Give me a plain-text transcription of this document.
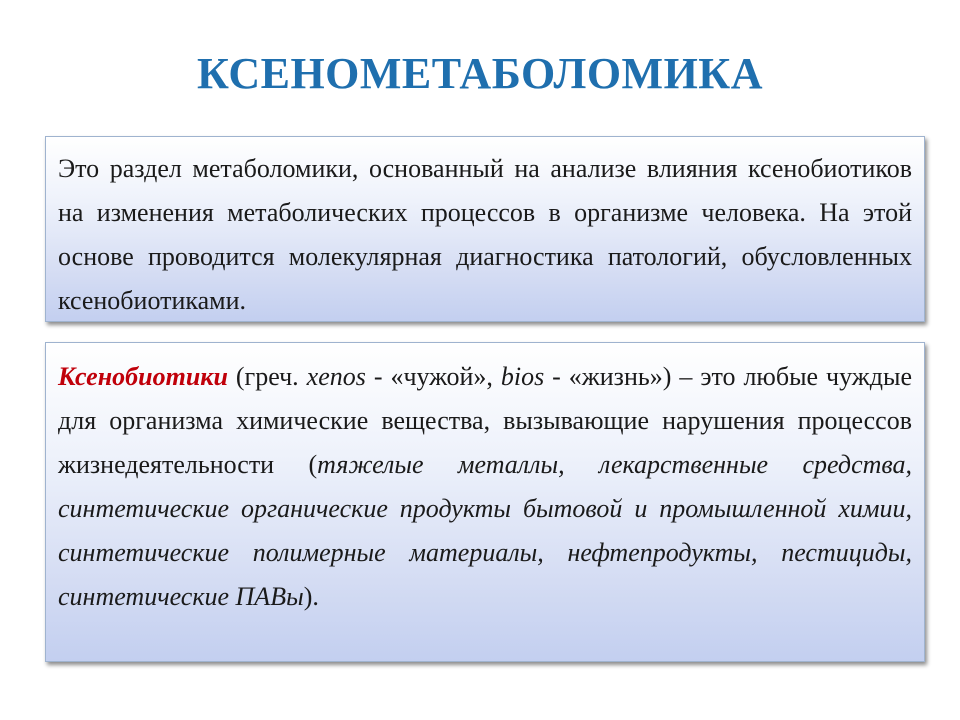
КСЕНОМЕТАБОЛОМИКА
Это раздел метаболомики, основанный на анализе влияния ксенобиотиков на изменения метаболических процессов в организме человека. На этой основе проводится молекулярная диагностика патологий, обусловленных ксенобиотиками.
Ксенобиотики (греч. xenos - «чужой», bios - «жизнь») – это любые чуждые для организма химические вещества, вызывающие нарушения процессов жизнедеятельности (тяжелые металлы, лекарственные средства, синтетические органические продукты бытовой и промышленной химии, синтетические полимерные материалы, нефтепродукты, пестициды, синтетические ПАВы).
